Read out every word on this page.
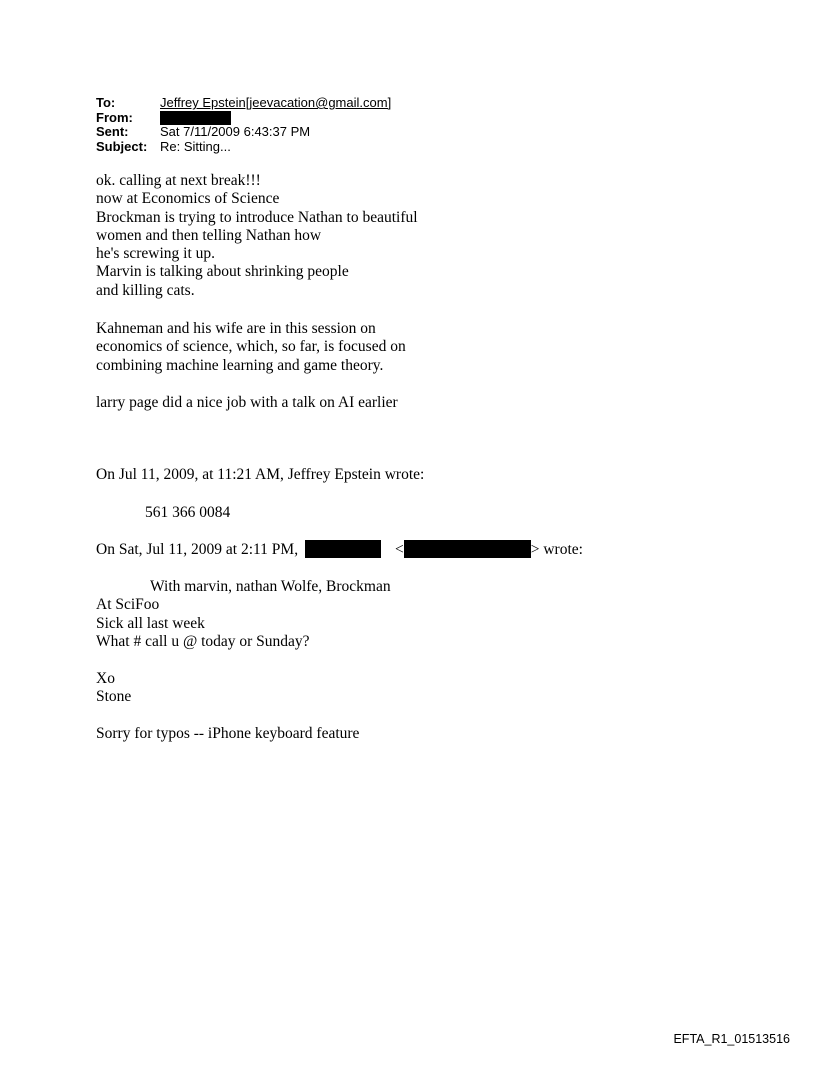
To:	Jeffrey Epstein[jeevacation@gmail.com]
From:
Sent:	Sat 7/11/2009 6:43:37 PM
Subject: Re: Sitting...
ok. calling at next break!!!
now at Economics of Science
Brockman is trying to introduce Nathan to beautiful
women and then telling Nathan how
he's screwing it up.
Marvin is talking about shrinking people
and killing cats.
Kahneman and his wife are in this session on
economics of science, which, so far, is focused on
combining machine learning and game theory.
larry page did a nice job with a talk on AI earlier
On Jul 11, 2009, at 11:21 AM, Jeffrey Epstein wrote:
561 366 0084
On Sat, Jul 11, 2009 at 2:11 PM,	<	> wrote:
With marvin, nathan Wolfe, Brockman
At SciFoo
Sick all last week
What # call u @ today or Sunday?
Xo
Stone
Sorry for typos -- iPhone keyboard feature
EFTA_R1_01513516
